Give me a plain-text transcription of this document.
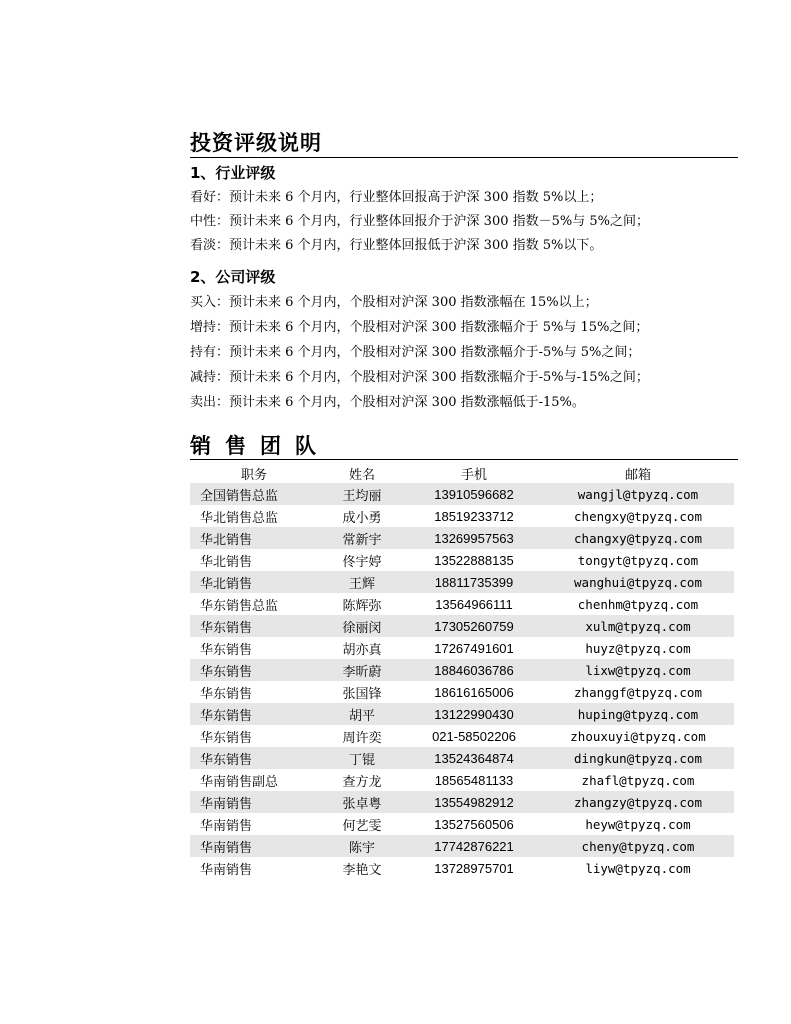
投资评级说明
1、行业评级
看好：预计未来 6 个月内，行业整体回报高于沪深 300 指数 5%以上；
中性：预计未来 6 个月内，行业整体回报介于沪深 300 指数－5%与 5%之间；
看淡：预计未来 6 个月内，行业整体回报低于沪深 300 指数 5%以下。
2、公司评级
买入：预计未来 6 个月内，个股相对沪深 300 指数涨幅在 15%以上；
增持：预计未来 6 个月内，个股相对沪深 300 指数涨幅介于 5%与 15%之间；
持有：预计未来 6 个月内，个股相对沪深 300 指数涨幅介于-5%与 5%之间；
减持：预计未来 6 个月内，个股相对沪深 300 指数涨幅介于-5%与-15%之间；
卖出：预计未来 6 个月内，个股相对沪深 300 指数涨幅低于-15%。
销售团队
职务	姓名	手机	邮箱
全国销售总监	王均丽	13910596682	wangjl@tpyzq.com
华北销售总监	成小勇	18519233712	chengxy@tpyzq.com
华北销售	常新宇	13269957563	changxy@tpyzq.com
华北销售	佟宇婷	13522888135	tongyt@tpyzq.com
华北销售	王辉	18811735399	wanghui@tpyzq.com
华东销售总监	陈辉弥	13564966111	chenhm@tpyzq.com
华东销售	徐丽闵	17305260759	xulm@tpyzq.com
华东销售	胡亦真	17267491601	huyz@tpyzq.com
华东销售	李昕蔚	18846036786	lixw@tpyzq.com
华东销售	张国锋	18616165006	zhanggf@tpyzq.com
华东销售	胡平	13122990430	huping@tpyzq.com
华东销售	周许奕	021-58502206	zhouxuyi@tpyzq.com
华东销售	丁锟	13524364874	dingkun@tpyzq.com
华南销售副总	查方龙	18565481133	zhafl@tpyzq.com
华南销售	张卓粤	13554982912	zhangzy@tpyzq.com
华南销售	何艺雯	13527560506	heyw@tpyzq.com
华南销售	陈宇	17742876221	cheny@tpyzq.com
华南销售	李艳文	13728975701	liyw@tpyzq.com
